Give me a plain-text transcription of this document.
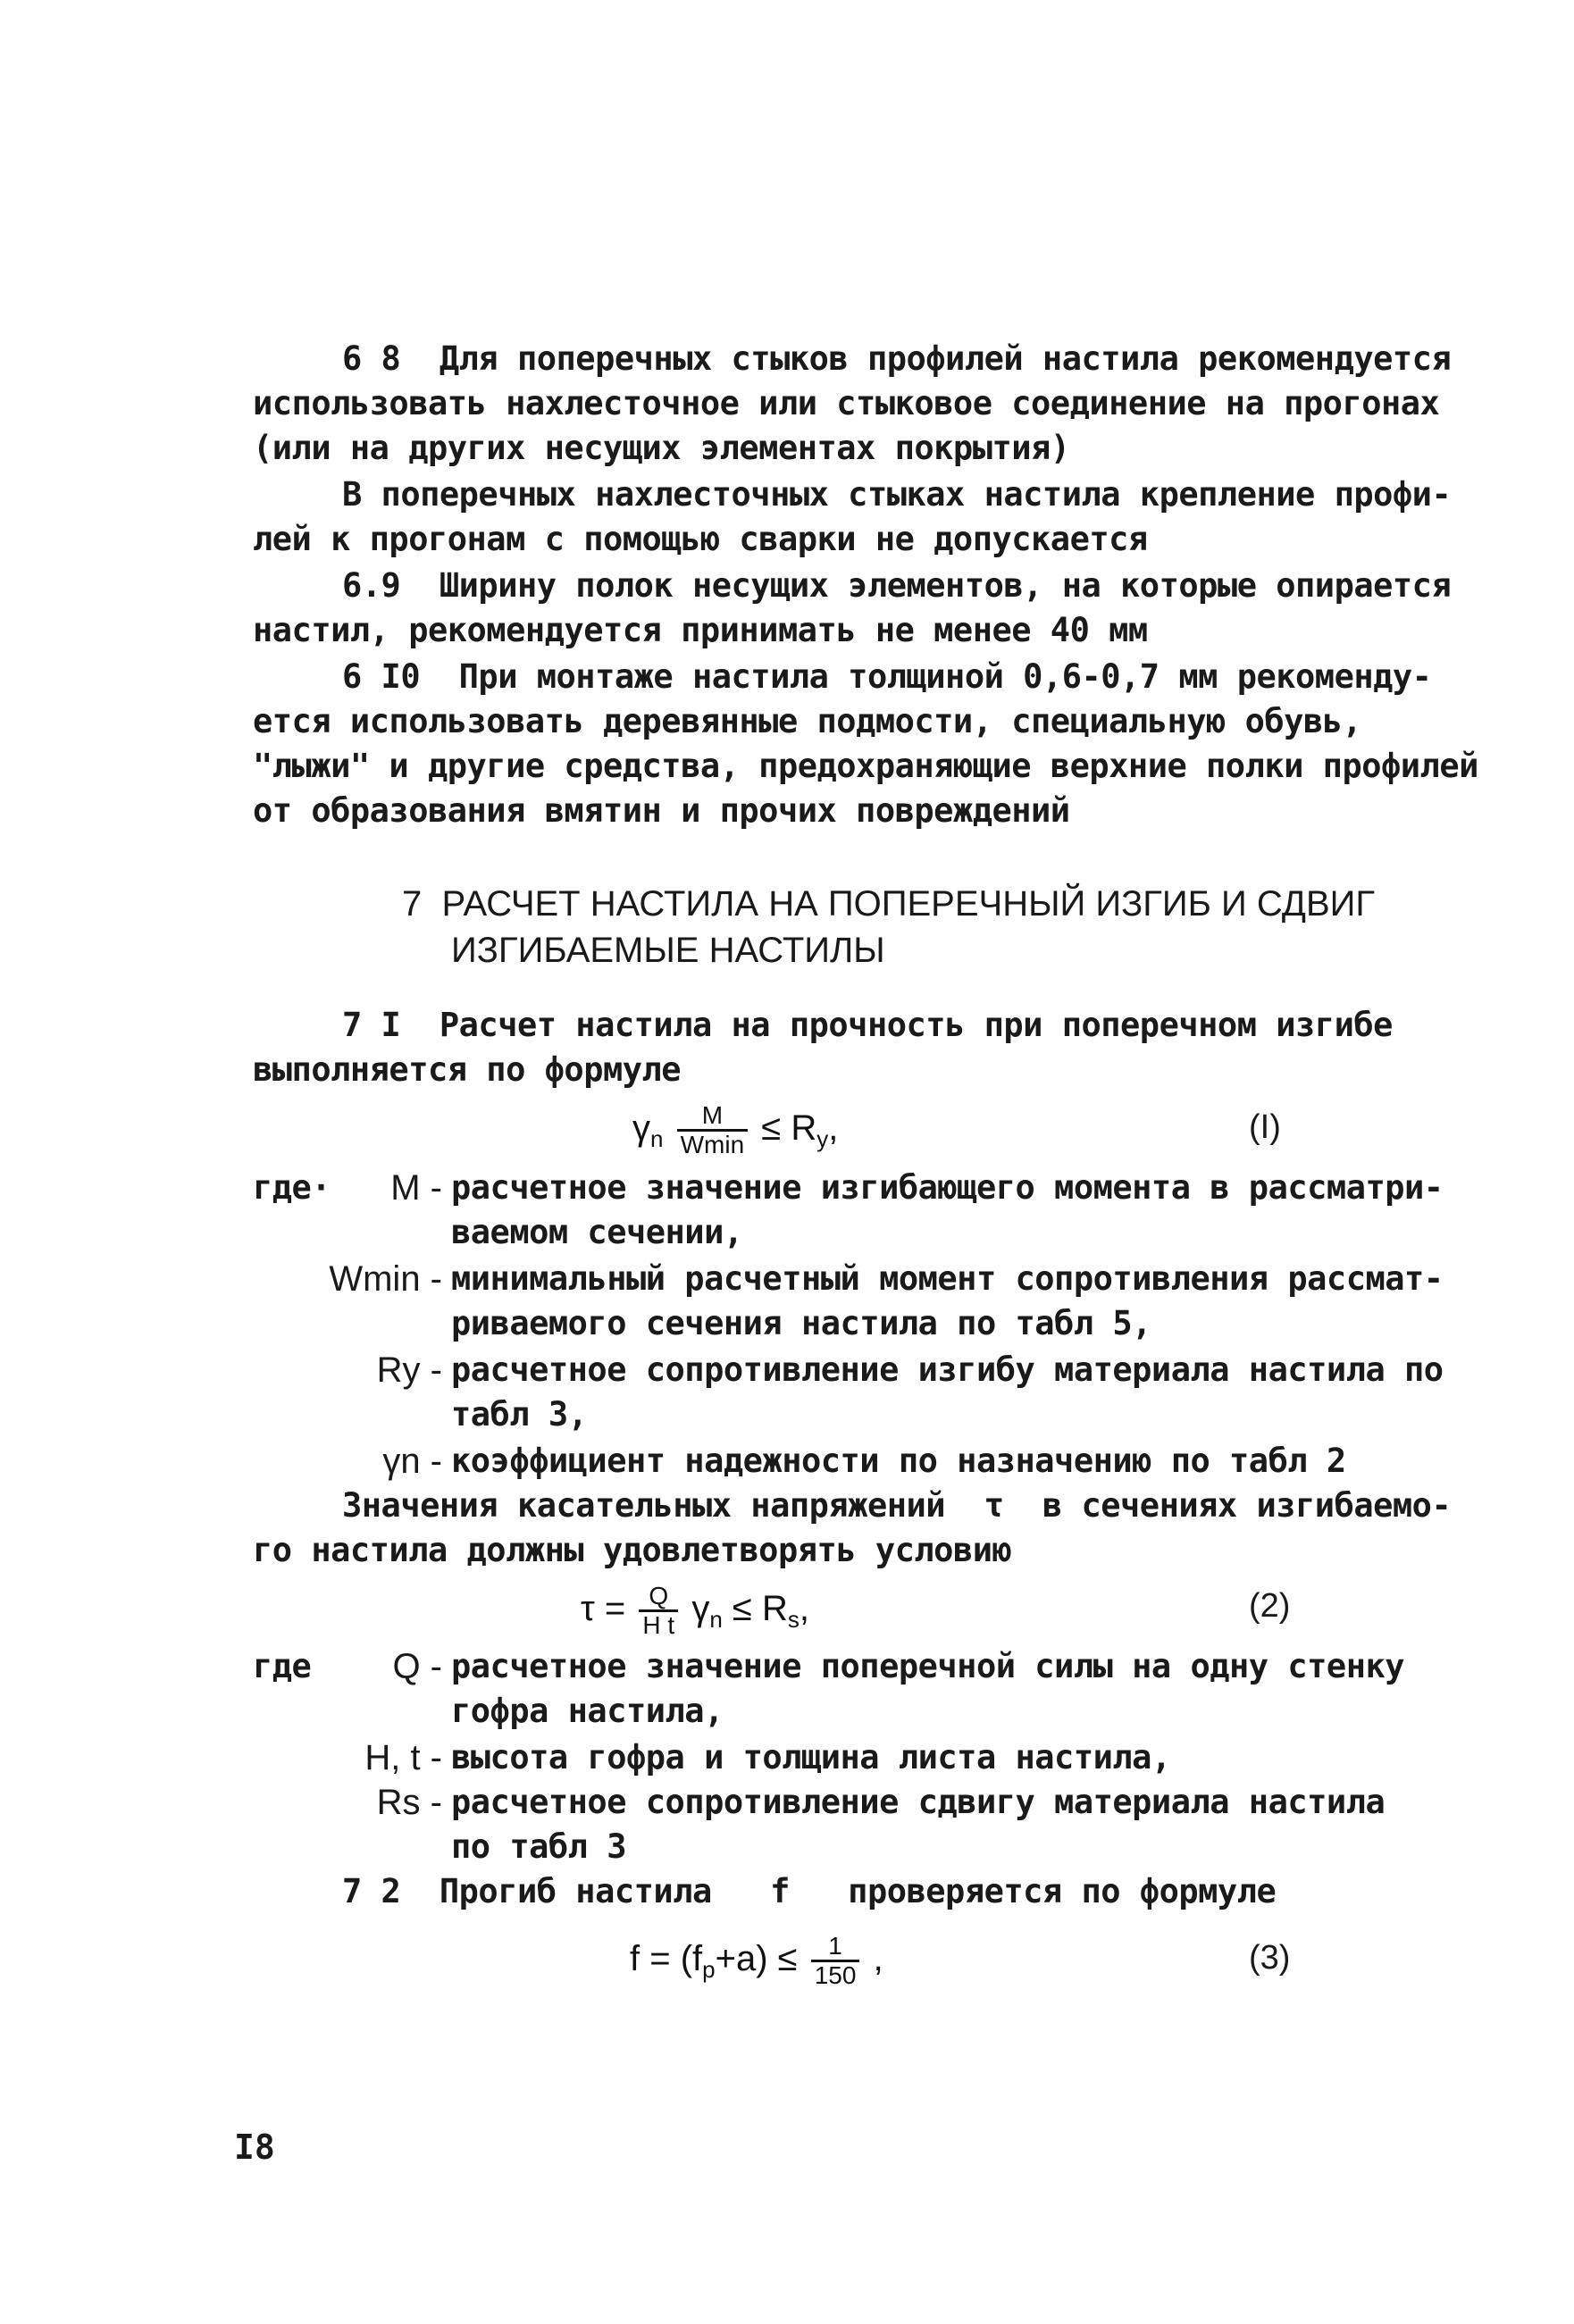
6 8  Для поперечных стыков профилей настила рекомендуется
использовать нахлесточное или стыковое соединение на прогонах
(или на других несущих элементах покрытия)
В поперечных нахлесточных стыках настила крепление профи-
лей к прогонам с помощью сварки не допускается
6.9  Ширину полок несущих элементов, на которые опирается
настил, рекомендуется принимать не менее 40 мм
6 I0  При монтаже настила толщиной 0,6-0,7 мм рекоменду-
ется использовать деревянные подмости, специальную обувь,
"лыжи" и другие средства, предохраняющие верхние полки профилей
от образования вмятин и прочих повреждений
7  РАСЧЕТ НАСТИЛА НА ПОПЕРЕЧНЫЙ ИЗГИБ И СДВИГ
ИЗГИБАЕМЫЕ НАСТИЛЫ
7 I  Расчет настила на прочность при поперечном изгибе
выполняется по формуле
$\gamma_n \frac{M}{Wmin} \le R_y$,	(I)
где·	M - расчетное значение изгибающего момента в рассматри-
ваемом сечении,
Wmin - минимальный расчетный момент сопротивления рассмат-
риваемого сечения настила по табл 5,
Ry - расчетное сопротивление изгибу материала настила по
табл 3,
γn - коэффициент надежности по назначению по табл 2
Значения касательных напряжений  τ  в сечениях изгибаемо-
го настила должны удовлетворять условию
$\tau = \frac{Q}{\text{H t}} \gamma_n \le R_s$,	(2)
где	Q - расчетное значение поперечной силы на одну стенку
гофра настила,
H, t - высота гофра и толщина листа настила,
Rs - расчетное сопротивление сдвигу материала настила
по табл 3
7 2  Прогиб настила   f   проверяется по формуле
$f = (f_p+a) \le \frac{1}{150}$ ,	(3)
I8
